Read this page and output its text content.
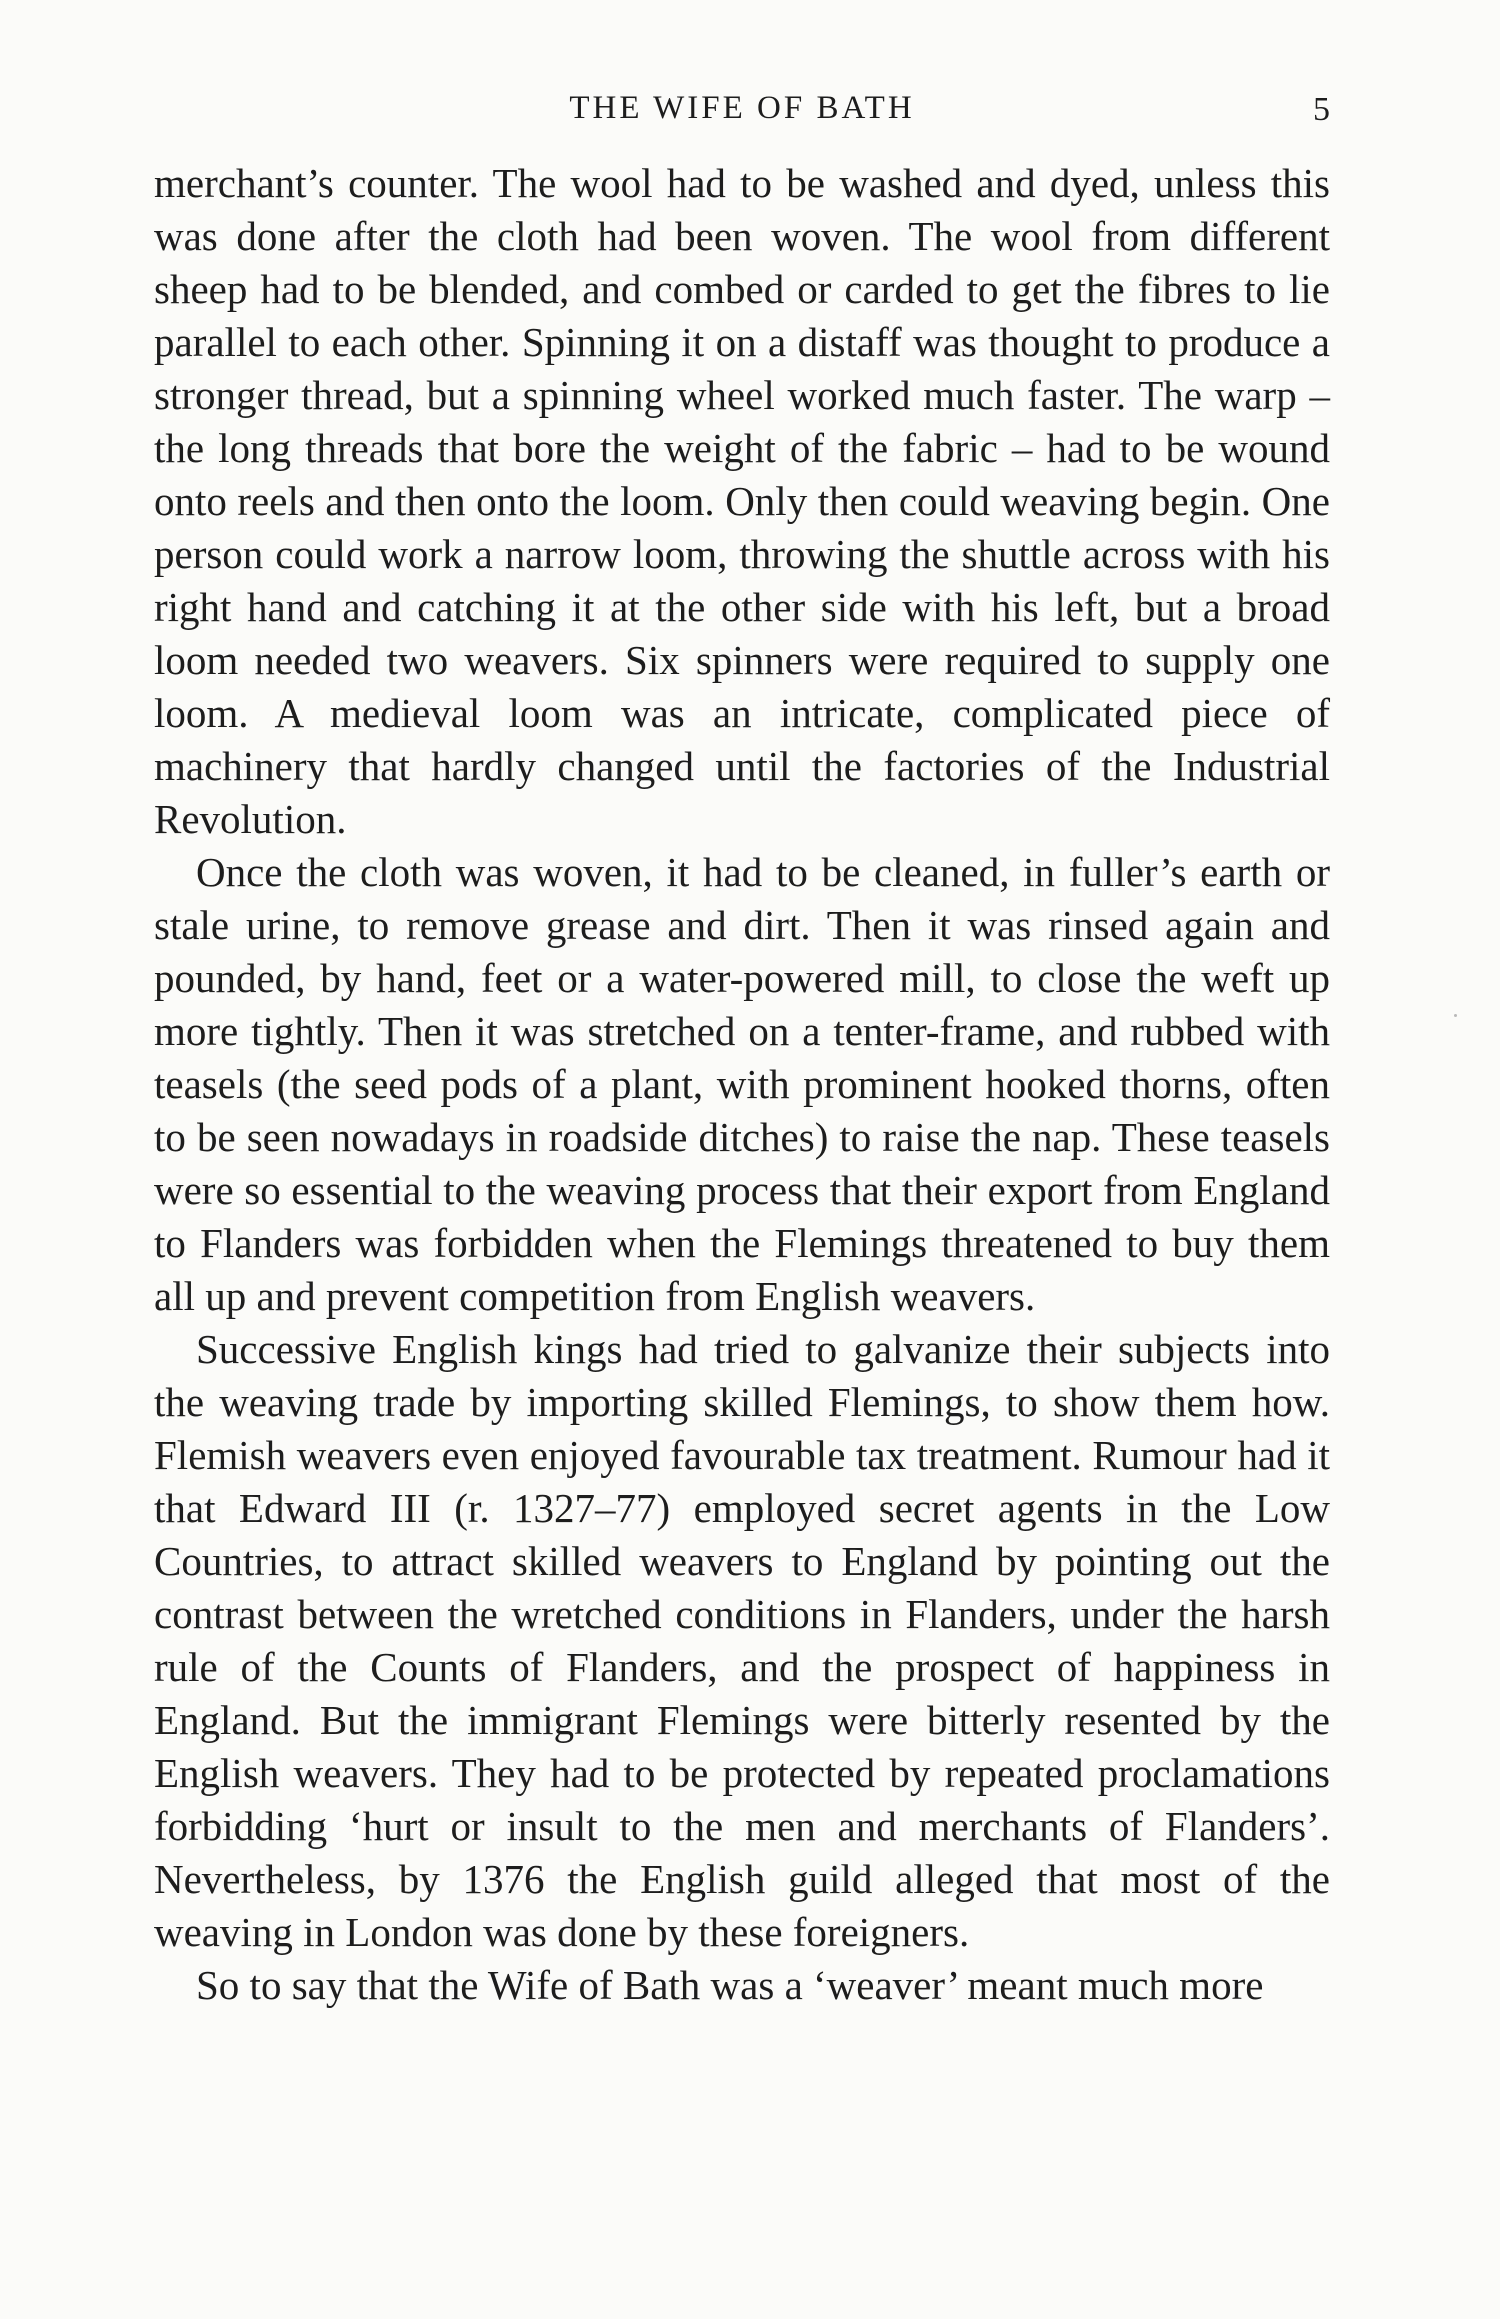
THE WIFE OF BATH	5

merchant’s counter. The wool had to be washed and dyed, unless this was done after the cloth had been woven. The wool from different sheep had to be blended, and combed or carded to get the fibres to lie parallel to each other. Spinning it on a distaff was thought to produce a stronger thread, but a spinning wheel worked much faster. The warp – the long threads that bore the weight of the fabric – had to be wound onto reels and then onto the loom. Only then could weaving begin. One person could work a narrow loom, throwing the shuttle across with his right hand and catching it at the other side with his left, but a broad loom needed two weavers. Six spinners were required to supply one loom. A medieval loom was an intricate, complicated piece of machinery that hardly changed until the factories of the Industrial Revolution.

Once the cloth was woven, it had to be cleaned, in fuller’s earth or stale urine, to remove grease and dirt. Then it was rinsed again and pounded, by hand, feet or a water-powered mill, to close the weft up more tightly. Then it was stretched on a tenter-frame, and rubbed with teasels (the seed pods of a plant, with prominent hooked thorns, often to be seen nowadays in roadside ditches) to raise the nap. These teasels were so essential to the weaving process that their export from England to Flanders was forbidden when the Flemings threatened to buy them all up and prevent competition from English weavers.

Successive English kings had tried to galvanize their subjects into the weaving trade by importing skilled Flemings, to show them how. Flemish weavers even enjoyed favourable tax treatment. Rumour had it that Edward III (r. 1327–77) employed secret agents in the Low Countries, to attract skilled weavers to England by pointing out the contrast between the wretched conditions in Flanders, under the harsh rule of the Counts of Flanders, and the prospect of happiness in England. But the immigrant Flemings were bitterly resented by the English weavers. They had to be protected by repeated proclamations forbidding ‘hurt or insult to the men and merchants of Flanders’. Nevertheless, by 1376 the English guild alleged that most of the weaving in London was done by these foreigners.

So to say that the Wife of Bath was a ‘weaver’ meant much more
